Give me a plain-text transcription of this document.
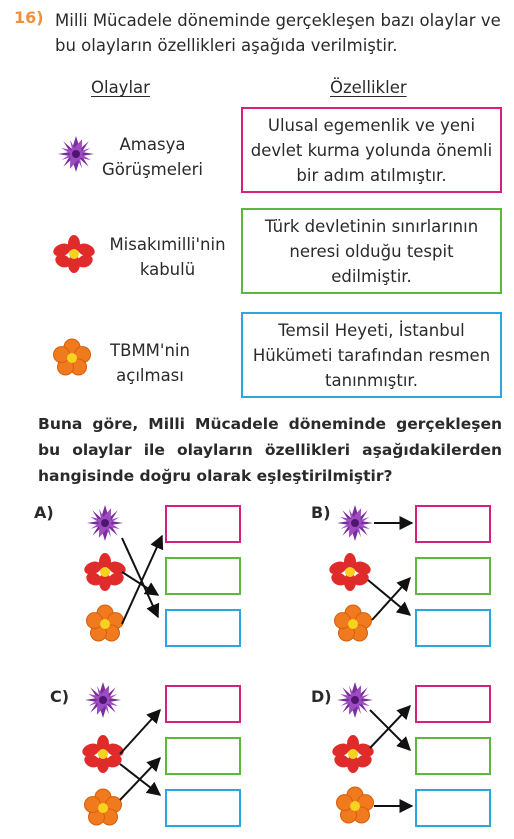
16) Milli Mücadele döneminde gerçekleşen bazı olaylar ve bu olayların özellikleri aşağıda verilmiştir.
Olaylar	Özellikler
Amasya Görüşmeleri
Misakımilli'nin kabulü
TBMM'nin açılması
Ulusal egemenlik ve yeni devlet kurma yolunda önemli bir adım atılmıştır.
Türk devletinin sınırlarının neresi olduğu tespit edilmiştir.
Temsil Heyeti, İstanbul Hükümeti tarafından resmen tanınmıştır.
Buna göre, Milli Mücadele döneminde gerçekleşen bu olaylar ile olayların özellikleri aşağıdakilerden hangisinde doğru olarak eşleştirilmiştir?
A)	B)
C)	D)
